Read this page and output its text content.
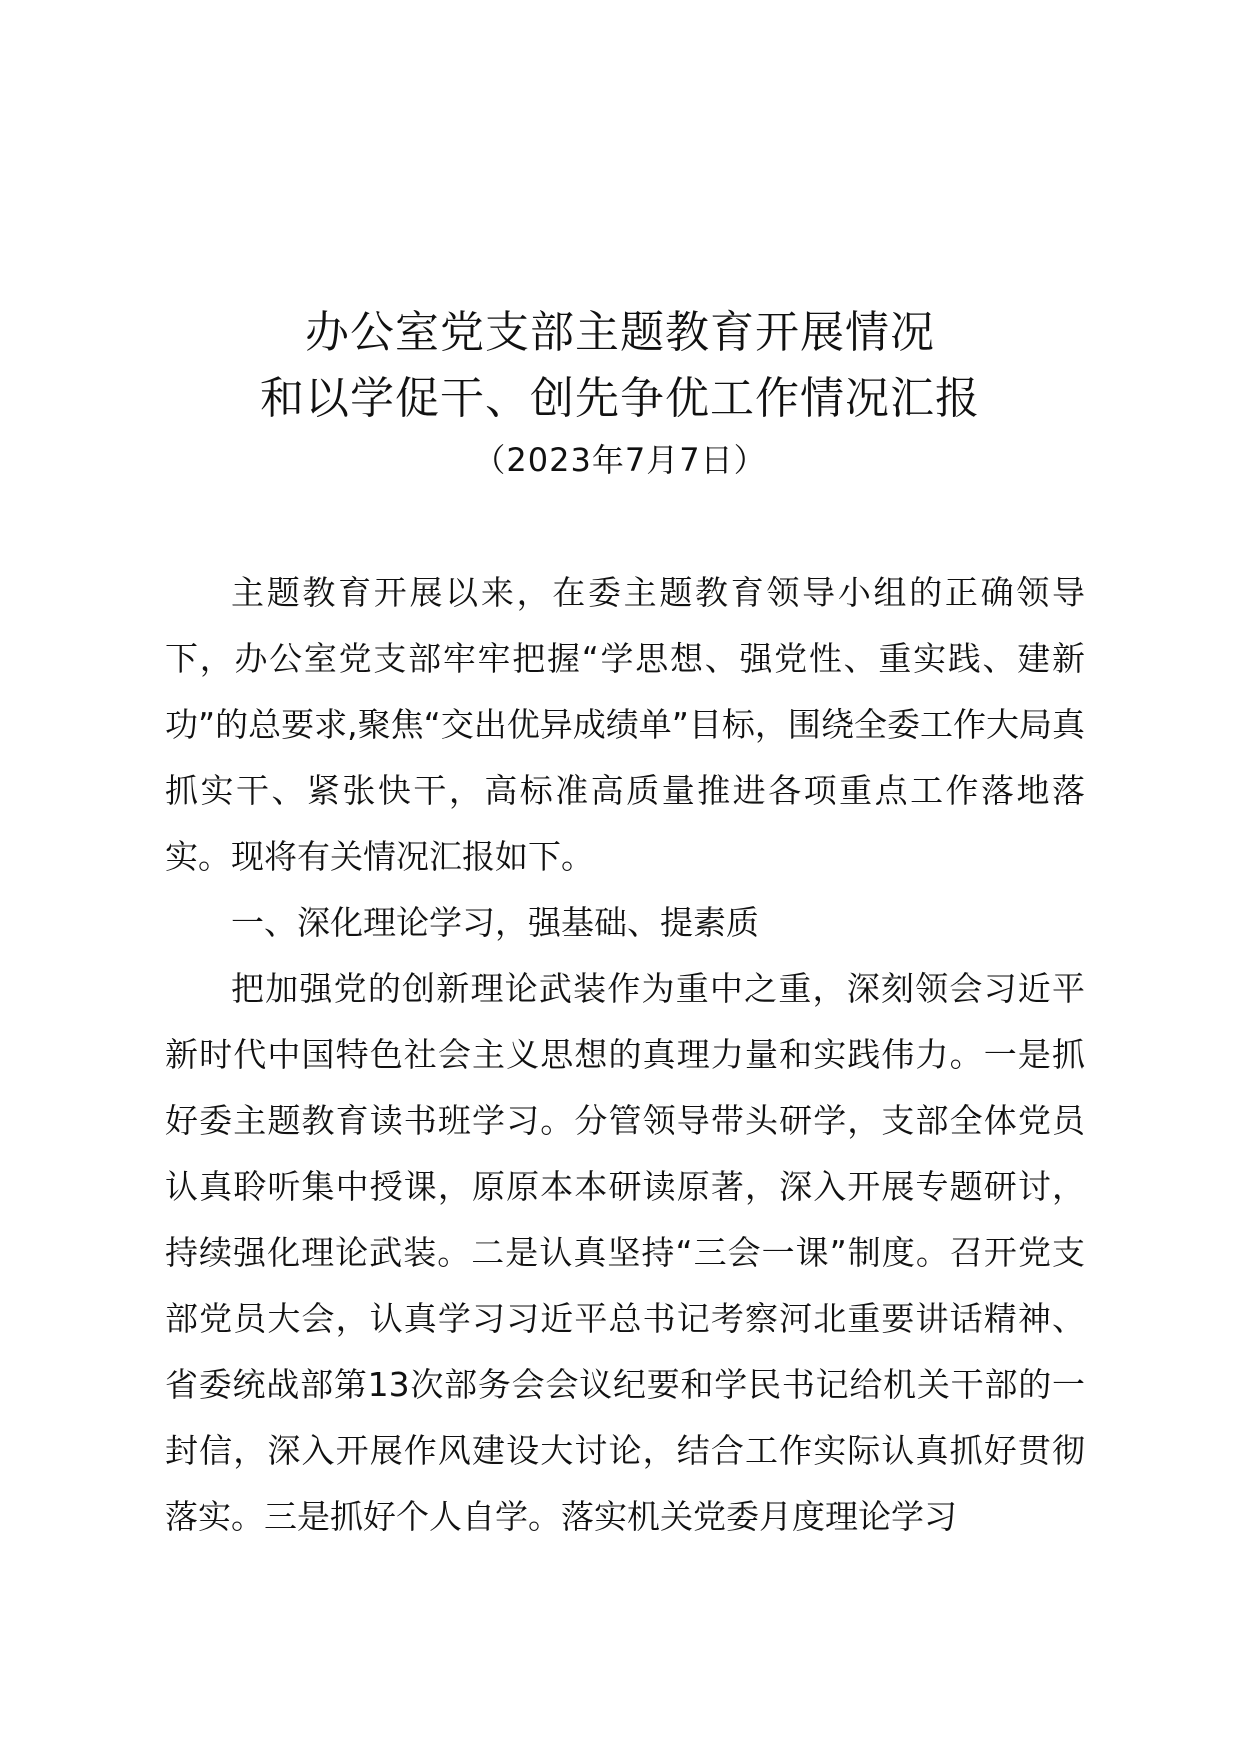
办公室党支部主题教育开展情况
和以学促干、创先争优工作情况汇报
（2023年7月7日）

主题教育开展以来，在委主题教育领导小组的正确领导下，办公室党支部牢牢把握“学思想、强党性、重实践、建新功”的总要求,聚焦“交出优异成绩单”目标，围绕全委工作大局真抓实干、紧张快干，高标准高质量推进各项重点工作落地落实。现将有关情况汇报如下。

一、深化理论学习，强基础、提素质

把加强党的创新理论武装作为重中之重，深刻领会习近平新时代中国特色社会主义思想的真理力量和实践伟力。一是抓好委主题教育读书班学习。分管领导带头研学，支部全体党员认真聆听集中授课，原原本本研读原著，深入开展专题研讨，持续强化理论武装。二是认真坚持“三会一课”制度。召开党支部党员大会，认真学习习近平总书记考察河北重要讲话精神、省委统战部第13次部务会会议纪要和学民书记给机关干部的一封信，深入开展作风建设大讨论，结合工作实际认真抓好贯彻落实。三是抓好个人自学。落实机关党委月度理论学习
